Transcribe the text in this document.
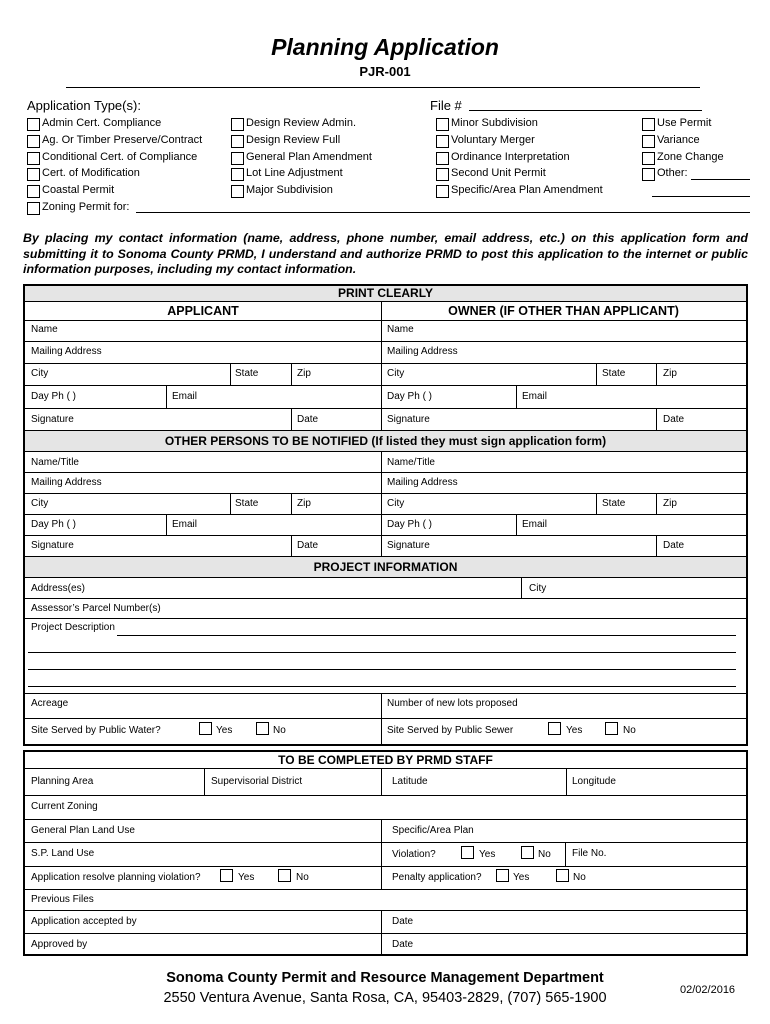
Planning Application
PJR-001
Application Type(s):	File #
Admin Cert. Compliance
Ag. Or Timber Preserve/Contract
Conditional Cert. of Compliance
Cert. of Modification
Coastal Permit
Design Review Admin.
Design Review Full
General Plan Amendment
Lot Line Adjustment
Major Subdivision
Minor Subdivision
Voluntary Merger
Ordinance Interpretation
Second Unit Permit
Specific/Area Plan Amendment
Use Permit
Variance
Zone Change
Other:
Zoning Permit for:
By placing my contact information (name, address, phone number, email address, etc.) on this application form and submitting it to Sonoma County PRMD, I understand and authorize PRMD to post this application to the internet or public information purposes, including my contact information.
PRINT CLEARLY
APPLICANT	OWNER (IF OTHER THAN APPLICANT)
Name	Name
Mailing Address	Mailing Address
City	State	Zip	City	State	Zip
Day Ph ( )	Email	Day Ph ( )	Email
Signature	Date	Signature	Date
OTHER PERSONS TO BE NOTIFIED (If listed they must sign application form)
Name/Title	Name/Title
Mailing Address	Mailing Address
City	State	Zip	City	State	Zip
Day Ph ( )	Email	Day Ph ( )	Email
Signature	Date	Signature	Date
PROJECT INFORMATION
Address(es)	City
Assessor’s Parcel Number(s)
Project Description
Acreage	Number of new lots proposed
Site Served by Public Water?	Yes	No	Site Served by Public Sewer	Yes	No
TO BE COMPLETED BY PRMD STAFF
Planning Area	Supervisorial District	Latitude	Longitude
Current Zoning
General Plan Land Use	Specific/Area Plan
S.P. Land Use	Violation?	Yes	No File No.
Application resolve planning violation?	Yes	No	Penalty application?	Yes	No
Previous Files
Application accepted by	Date
Approved by	Date
Sonoma County Permit and Resource Management Department
2550 Ventura Avenue, Santa Rosa, CA, 95403-2829, (707) 565-1900	02/02/2016
